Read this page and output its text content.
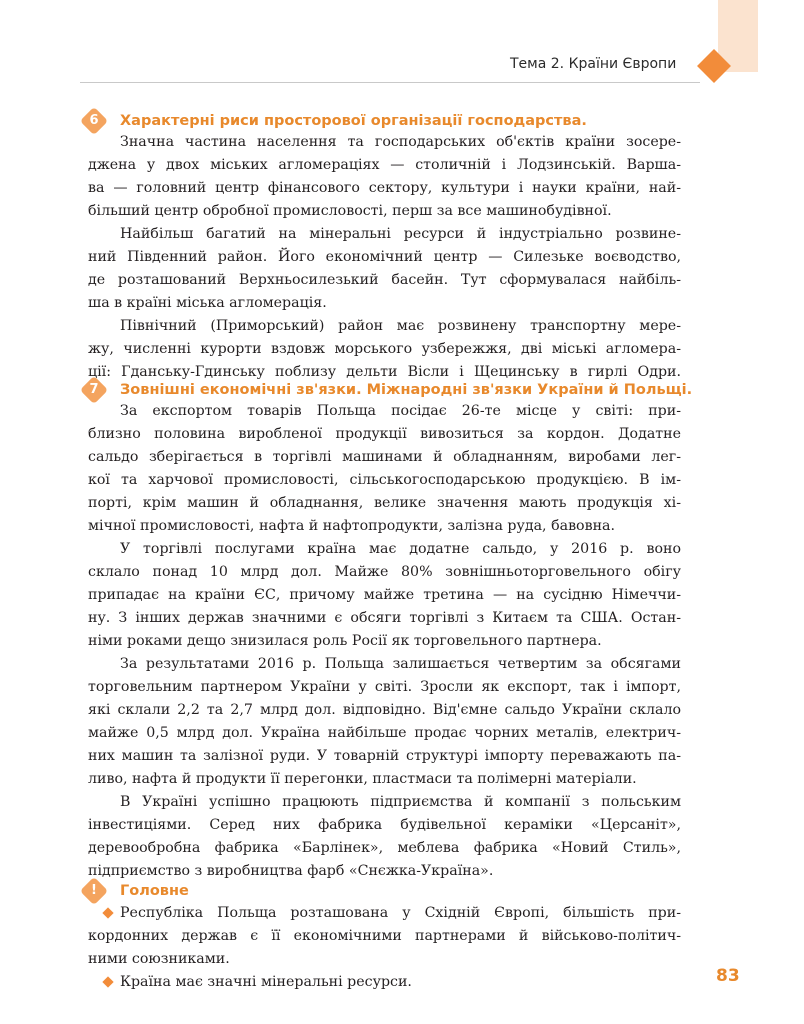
Тема 2. Країни Європи
6	Характерні риси просторової організації господарства.
Значна частина населення та господарських об'єктів країни зосере-
джена у двох міських агломераціях — столичній і Лодзинській. Варша-
ва — головний центр фінансового сектору, культури і науки країни, най-
більший центр обробної промисловості, перш за все машинобудівної.
Найбільш багатий на мінеральні ресурси й індустріально розвине-
ний Південний район. Його економічний центр — Силезьке воєводство,
де розташований Верхньосилезький басейн. Тут сформувалася найбіль-
ша в країні міська агломерація.
Північний (Приморський) район має розвинену транспортну мере-
жу, численні курорти вздовж морського узбережжя, дві міські агломера-
ції: Гданську-Гдинську поблизу дельти Вісли і Щецинську в гирлі Одри.
7	Зовнішні економічні зв'язки. Міжнародні зв'язки України й Польщі.
За експортом товарів Польща посідає 26-те місце у світі: при-
близно половина виробленої продукції вивозиться за кордон. Додатне
сальдо зберігається в торгівлі машинами й обладнанням, виробами лег-
кої та харчової промисловості, сільськогосподарською продукцією. В ім-
порті, крім машин й обладнання, велике значення мають продукція хі-
мічної промисловості, нафта й нафтопродукти, залізна руда, бавовна.
У торгівлі послугами країна має додатне сальдо, у 2016 р. воно
склало понад 10 млрд дол. Майже 80% зовнішньоторговельного обігу
припадає на країни ЄС, причому майже третина — на сусідню Німеччи-
ну. З інших держав значними є обсяги торгівлі з Китаєм та США. Остан-
німи роками дещо знизилася роль Росії як торговельного партнера.
За результатами 2016 р. Польща залишається четвертим за обсягами
торговельним партнером України у світі. Зросли як експорт, так і імпорт,
які склали 2,2 та 2,7 млрд дол. відповідно. Від'ємне сальдо України склало
майже 0,5 млрд дол. Україна найбільше продає чорних металів, електрич-
них машин та залізної руди. У товарній структурі імпорту переважають па-
ливо, нафта й продукти її перегонки, пластмаси та полімерні матеріали.
В Україні успішно працюють підприємства й компанії з польським
інвестиціями. Серед них фабрика будівельної кераміки «Церсаніт»,
деревообробна фабрика «Барлінек», меблева фабрика «Новий Стиль»,
підприємство з виробництва фарб «Снєжка-Україна».
!	Головне
Республіка Польща розташована у Східній Європі, більшість при-
кордонних держав є її економічними партнерами й військово-політич-
ними союзниками.
Країна має значні мінеральні ресурси.	83
